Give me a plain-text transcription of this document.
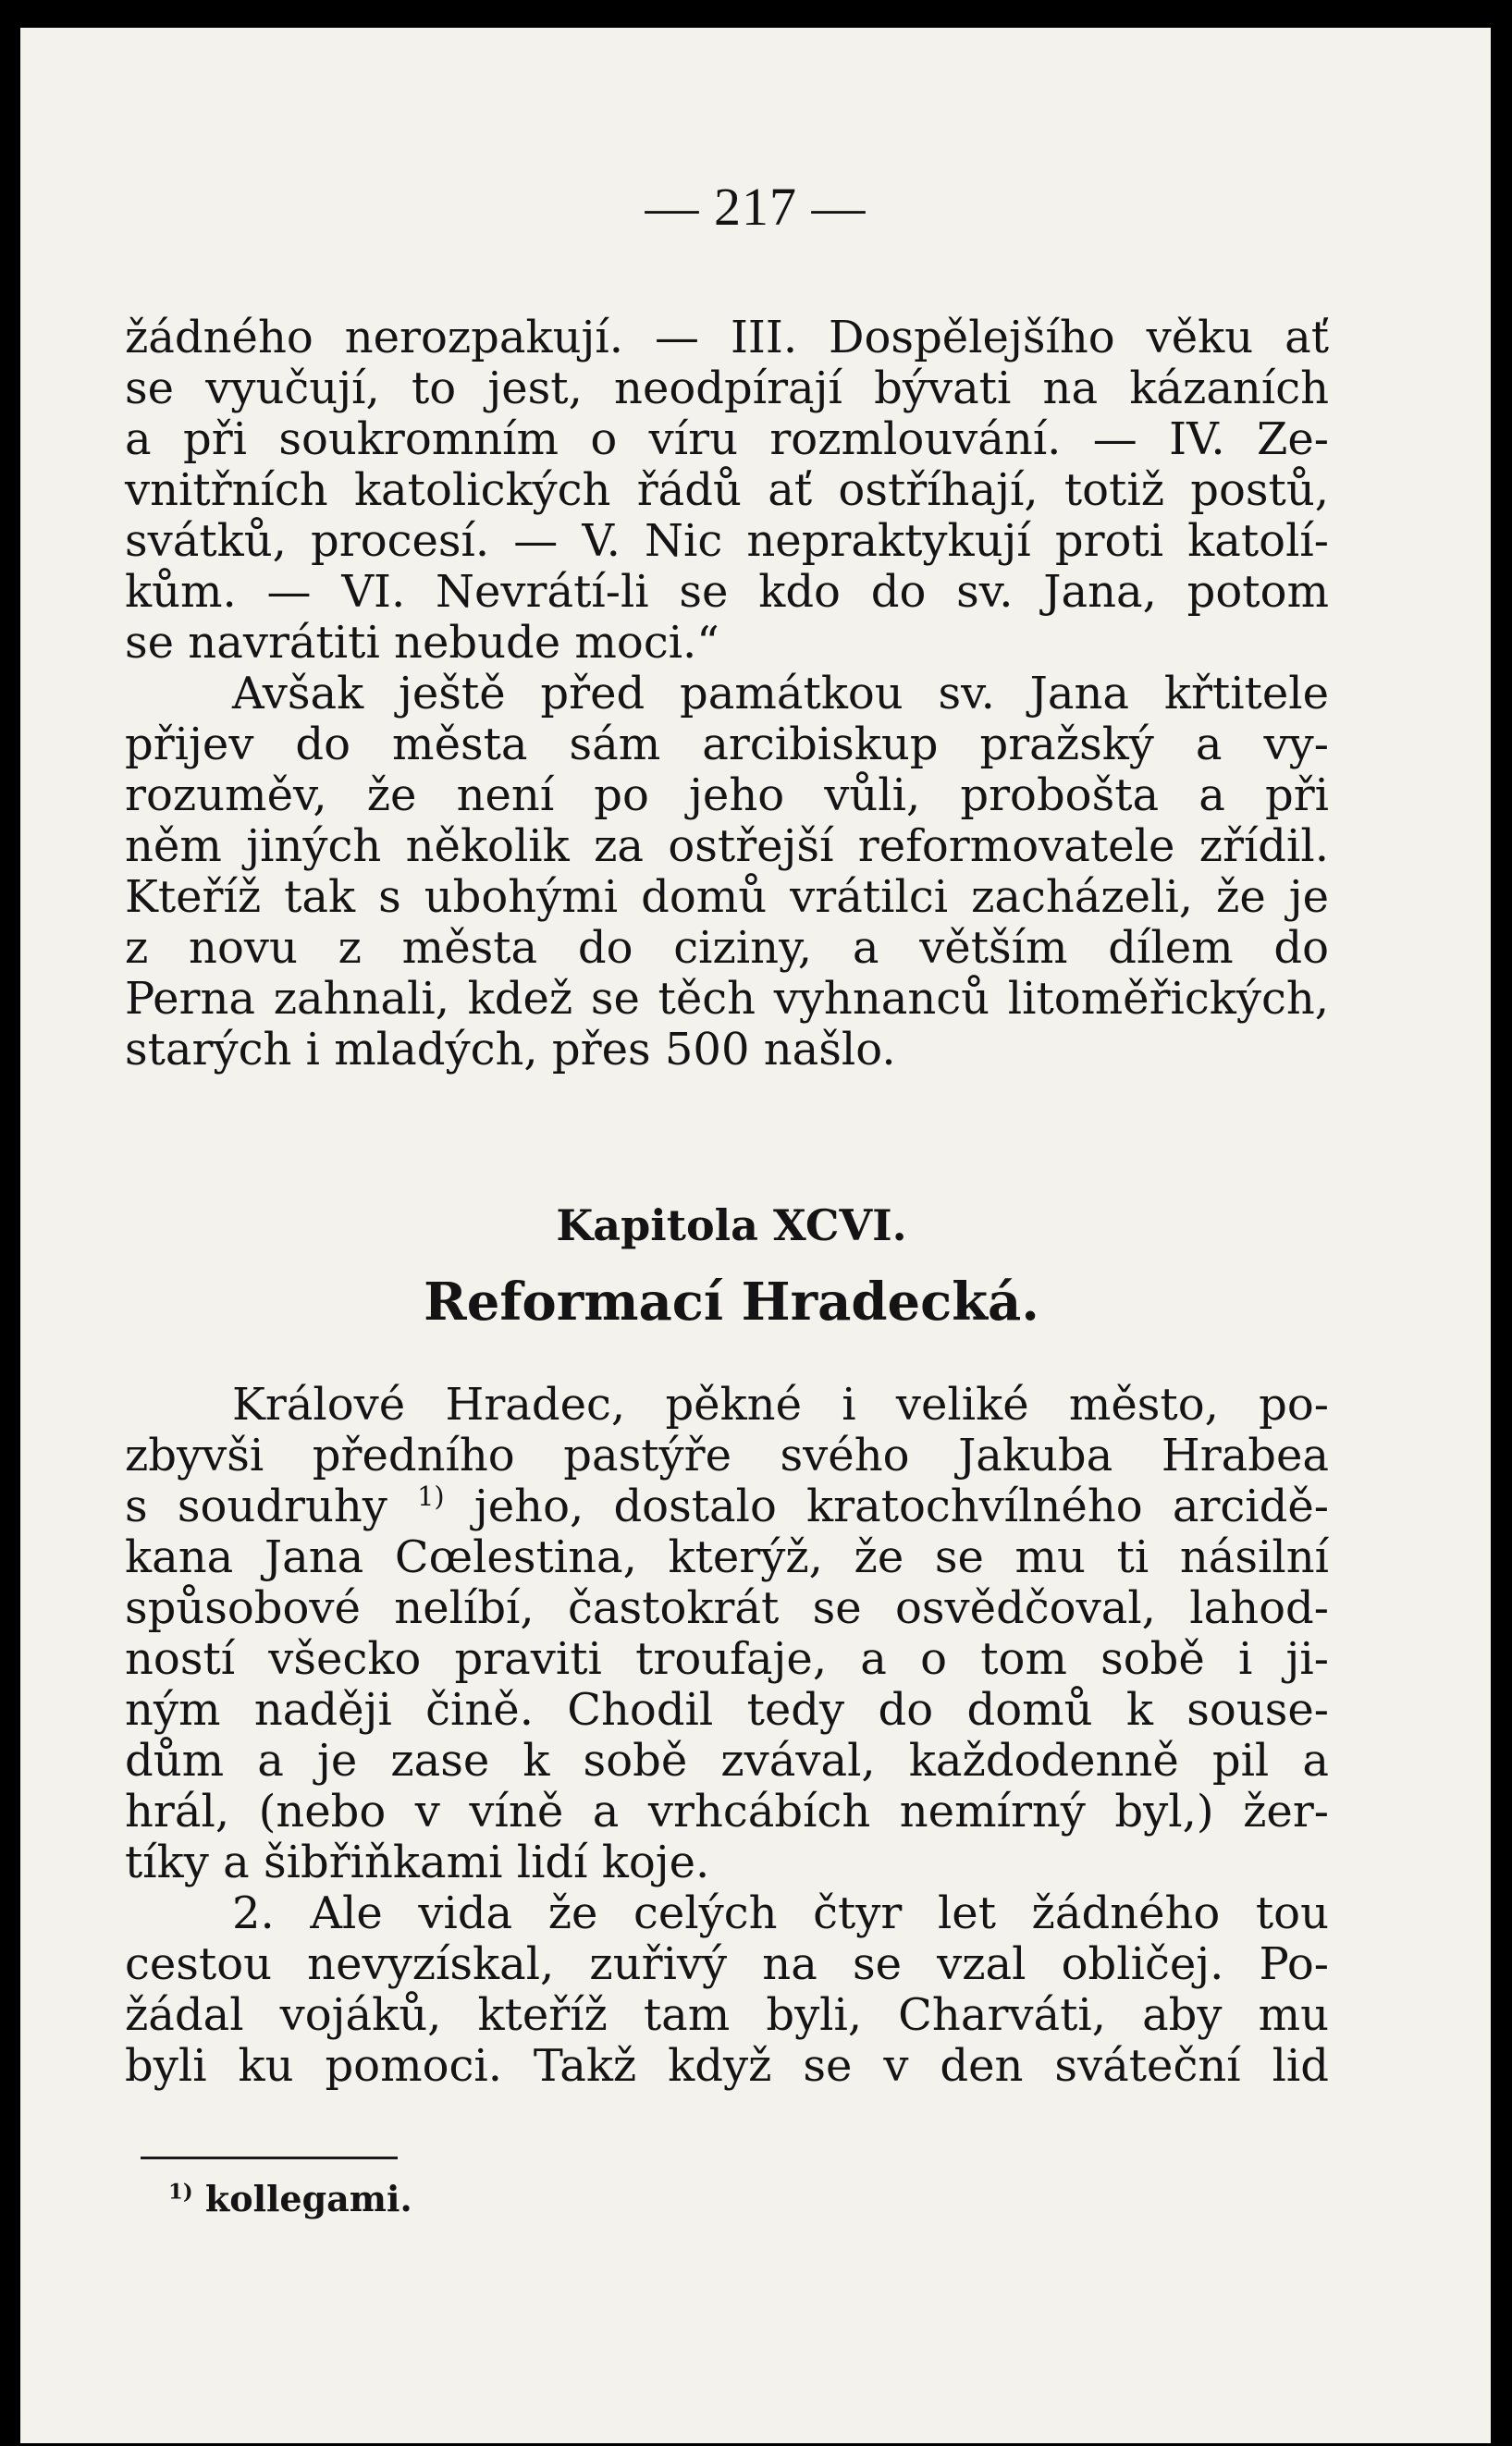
— 217 —
žádného nerozpakují. — III. Dospělejšího věku ať
se vyučují, to jest, neodpírají bývati na kázaních
a při soukromním o víru rozmlouvání. — IV. Ze-
vnitřních katolických řádů ať ostříhají, totiž postů,
svátků, procesí. — V. Nic nepraktykují proti katolí-
kům. — VI. Nevrátí-li se kdo do sv. Jana, potom
se navrátiti nebude moci.“
Avšak ještě před památkou sv. Jana křtitele
přijev do města sám arcibiskup pražský a vy-
rozuměv, že není po jeho vůli, probošta a při
něm jiných několik za ostřejší reformovatele zřídil.
Kteříž tak s ubohými domů vrátilci zacházeli, že je
z novu z města do ciziny, a větším dílem do
Perna zahnali, kdež se těch vyhnanců litoměřických,
starých i mladých, přes 500 našlo.
Kapitola XCVI.
Reformací Hradecká.
Králové Hradec, pěkné i veliké město, po-
zbyvši předního pastýře svého Jakuba Hrabea
s soudruhy $^{1)}$ jeho, dostalo kratochvílného arcidě-
kana Jana Cœlestina, kterýž, že se mu ti násilní
spůsobové nelíbí, častokrát se osvědčoval, lahod-
ností všecko praviti troufaje, a o tom sobě i ji-
ným naději čině. Chodil tedy do domů k souse-
dům a je zase k sobě zvával, každodenně pil a
hrál, (nebo v víně a vrhcábích nemírný byl,) žer-
tíky a šibřiňkami lidí koje.
2. Ale vida že celých čtyr let žádného tou
cestou nevyzískal, zuřivý na se vzal obličej. Po-
žádal vojáků, kteříž tam byli, Charváti, aby mu
byli ku pomoci. Takž když se v den sváteční lid
$^{1)}$ kollegami.
